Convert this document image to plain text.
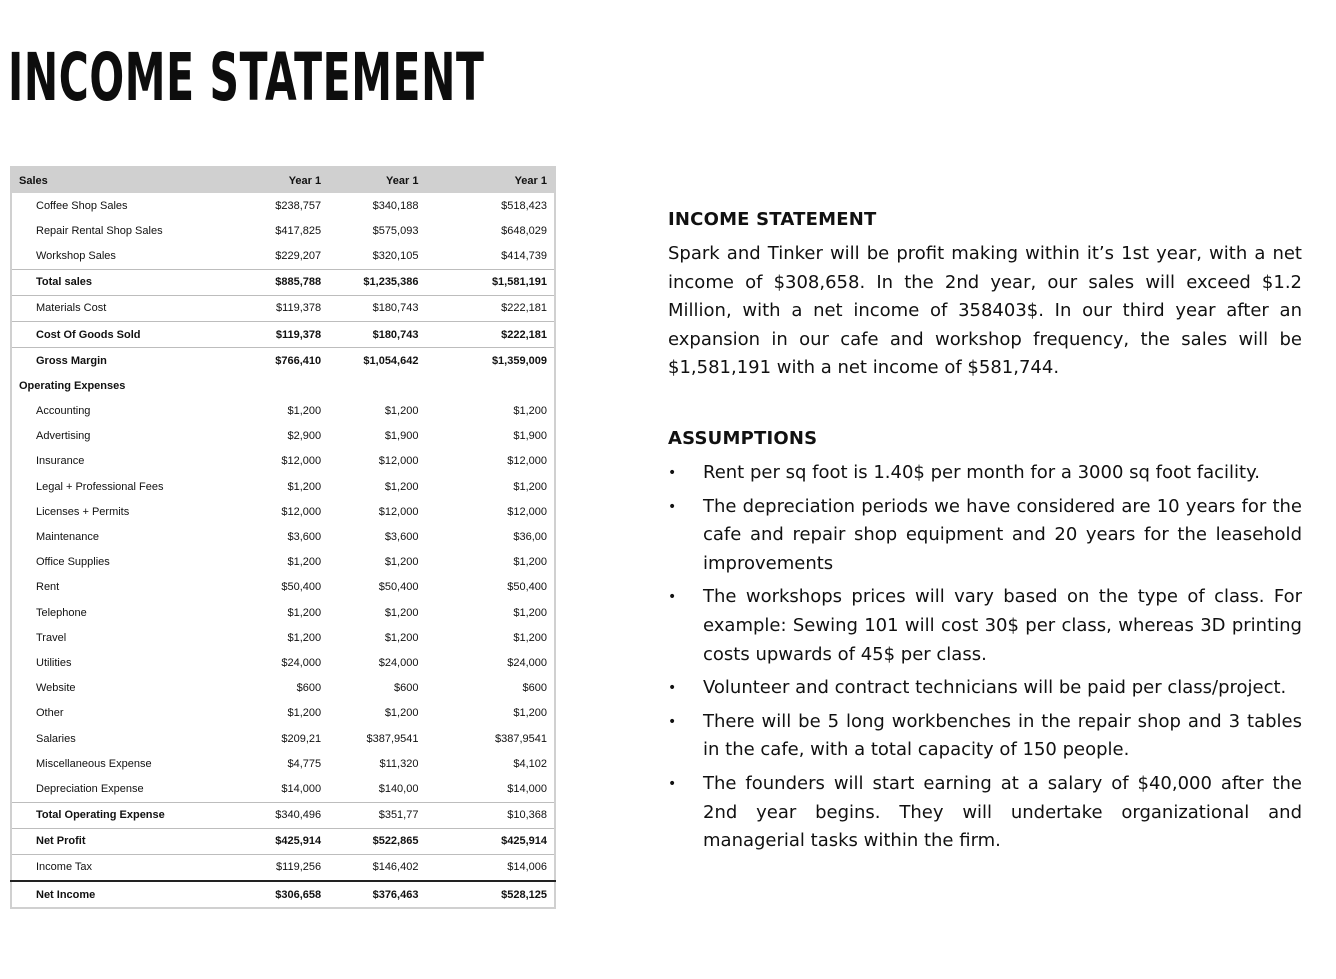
INCOME STATEMENT
Sales	Year 1	Year 1	Year 1
Coffee Shop Sales	$238,757	$340,188	$518,423
Repair Rental Shop Sales	$417,825	$575,093	$648,029
Workshop Sales	$229,207	$320,105	$414,739
Total sales	$885,788	$1,235,386	$1,581,191
Materials Cost	$119,378	$180,743	$222,181
Cost Of Goods Sold	$119,378	$180,743	$222,181
Gross Margin	$766,410	$1,054,642	$1,359,009
Operating Expenses			
Accounting	$1,200	$1,200	$1,200
Advertising	$2,900	$1,900	$1,900
Insurance	$12,000	$12,000	$12,000
Legal + Professional Fees	$1,200	$1,200	$1,200
Licenses + Permits	$12,000	$12,000	$12,000
Maintenance	$3,600	$3,600	$36,00
Office Supplies	$1,200	$1,200	$1,200
Rent	$50,400	$50,400	$50,400
Telephone	$1,200	$1,200	$1,200
Travel	$1,200	$1,200	$1,200
Utilities	$24,000	$24,000	$24,000
Website	$600	$600	$600
Other	$1,200	$1,200	$1,200
Salaries	$209,21	$387,9541	$387,9541
Miscellaneous Expense	$4,775	$11,320	$4,102
Depreciation Expense	$14,000	$140,00	$14,000
Total Operating Expense	$340,496	$351,77	$10,368
Net Profit	$425,914	$522,865	$425,914
Income Tax	$119,256	$146,402	$14,006
Net Income	$306,658	$376,463	$528,125
INCOME STATEMENT

Spark and Tinker will be profit making within it’s 1st year, with a net income of $308,658. In the 2nd year, our sales will exceed $1.2 Million, with a net income of 358403$. In our third year after an expansion in our cafe and workshop frequency, the sales will be $1,581,191 with a net income of $581,744.

ASSUMPTIONS
• Rent per sq foot is 1.40$ per month for a 3000 sq foot facility.
• The depreciation periods we have considered are 10 years for the cafe and repair shop equipment and 20 years for the leasehold improvements
• The workshops prices will vary based on the type of class. For example: Sewing 101 will cost 30$ per class, whereas 3D printing costs upwards of 45$ per class.
• Volunteer and contract technicians will be paid per class/project.
• There will be 5 long workbenches in the repair shop and 3 tables in the cafe, with a total capacity of 150 people.
• The founders will start earning at a salary of $40,000 after the 2nd year begins. They will undertake organizational and managerial tasks within the firm.
